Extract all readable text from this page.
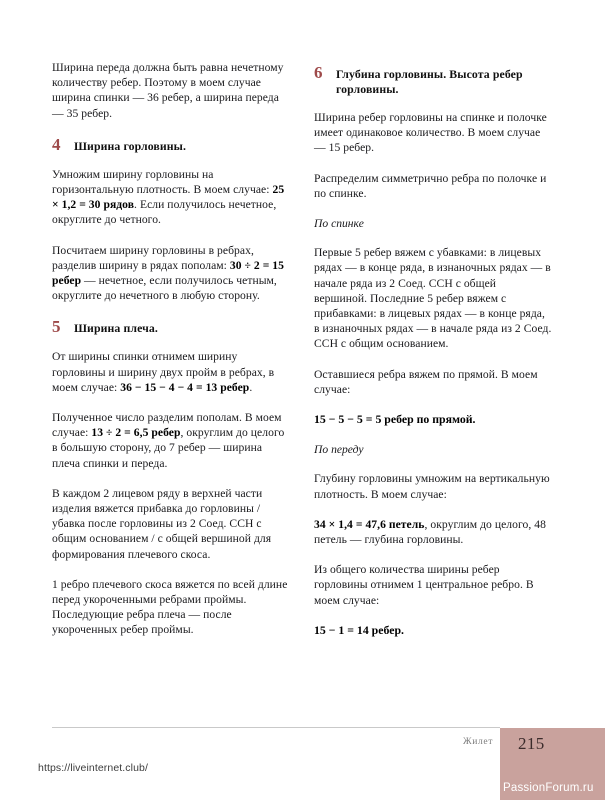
Ширина переда должна быть равна нечетному количеству ребер. Поэтому в моем случае ширина спинки — 36 ребер, а ширина переда — 35 ребер.

4	Ширина горловины.

Умножим ширину горловины на горизонтальную плотность. В моем случае: 25 × 1,2 = 30 рядов. Если получилось нечетное, округлите до четного.

Посчитаем ширину горловины в ребрах, разделив ширину в рядах пополам: 30 ÷ 2 = 15 ребер — нечетное, если получилось четным, округлите до нечетного в любую сторону.

5	Ширина плеча.

От ширины спинки отнимем ширину горловины и ширину двух пройм в ребрах, в моем случае: 36 − 15 − 4 − 4 = 13 ребер.

Полученное число разделим пополам. В моем случае: 13 ÷ 2 = 6,5 ребер, округлим до целого в большую сторону, до 7 ребер — ширина плеча спинки и переда.

В каждом 2 лицевом ряду в верхней части изделия вяжется прибавка до горловины / убавка после горловины из 2 Соед. ССН с общим основанием / с общей вершиной для формирования плечевого скоса.

1 ребро плечевого скоса вяжется по всей длине перед укороченными ребрами проймы. Последующие ребра плеча — после укороченных ребер проймы.

6	Глубина горловины. Высота ребер горловины.

Ширина ребер горловины на спинке и полочке имеет одинаковое количество. В моем случае — 15 ребер.

Распределим симметрично ребра по полочке и по спинке.

По спинке

Первые 5 ребер вяжем с убавками: в лицевых рядах — в конце ряда, в изнаночных рядах — в начале ряда из 2 Соед. ССН с общей вершиной. Последние 5 ребер вяжем с прибавками: в лицевых рядах — в конце ряда, в изнаночных рядах — в начале ряда из 2 Соед. ССН с общим основанием.

Оставшиеся ребра вяжем по прямой. В моем случае:

15 − 5 − 5 = 5 ребер по прямой.

По переду

Глубину горловины умножим на вертикальную плотность. В моем случае:

34 × 1,4 = 47,6 петель, округлим до целого, 48 петель — глубина горловины.

Из общего количества ширины ребер горловины отнимем 1 центральное ребро. В моем случае:

15 − 1 = 14 ребер.

Жилет 215
PassionForum.ru
https://liveinternet.club/
